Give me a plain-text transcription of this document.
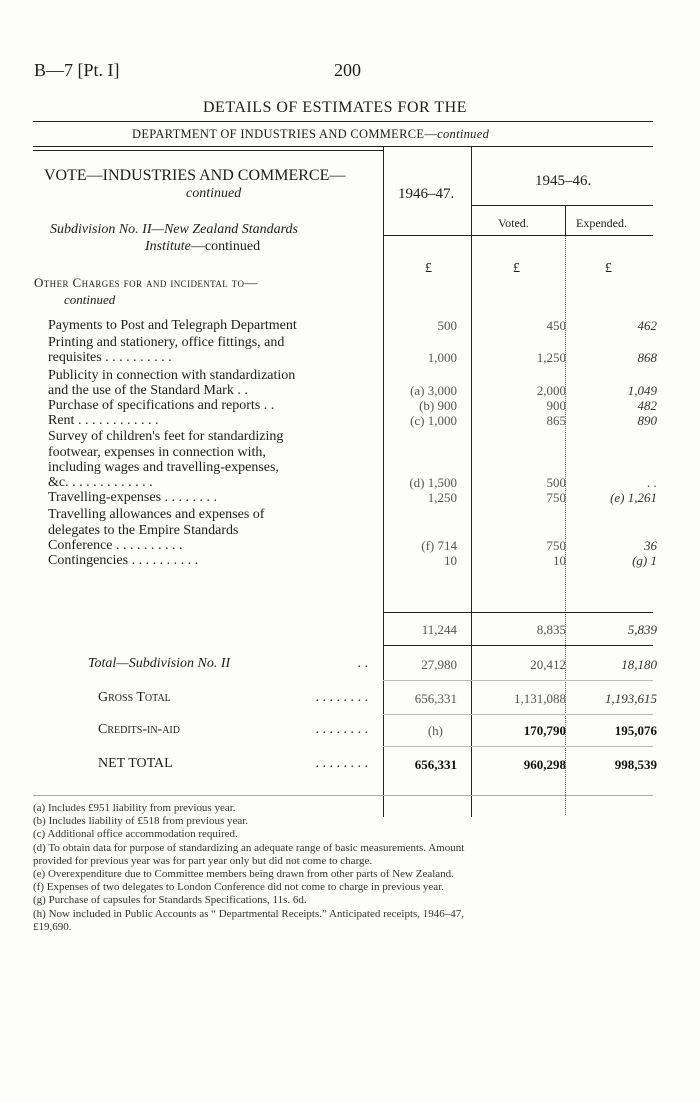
B—7 [Pt. I]	200
DETAILS OF ESTIMATES FOR THE
DEPARTMENT OF INDUSTRIES AND COMMERCE—continued
1946–47.
1945–46.
Voted.	Expended.
£	£	£
VOTE—INDUSTRIES AND COMMERCE—
continued
Subdivision No. II—New Zealand Standards
Institute—continued
Other Charges for and incidental to—
continued
Payments to Post and Telegraph Department	500	450	462
Printing and stationery, office fittings, and
requisites . . . . . . . . . .	1,000	1,250	868
Publicity in connection with standardization
and the use of the Standard Mark . .	(a) 3,000	2,000	1,049
Purchase of specifications and reports . .	(b) 900	900	482
Rent . . . . . . . . . . . .	(c) 1,000	865	890
Survey of children's feet for standardizing
footwear, expenses in connection with,
including wages and travelling-expenses,
&c. . . . . . . . . . . . .	(d) 1,500	500	. .
Travelling-expenses . . . . . . . .	1,250	750	(e) 1,261
Travelling allowances and expenses of
delegates to the Empire Standards
Conference . . . . . . . . . .	(f) 714	750	36
Contingencies . . . . . . . . . .	10	10	(g) 1
11,244	8,835	5,839
Total—Subdivision No. II	. .	27,980	20,412	18,180
Gross Total	. . . . . . . .	656,331	1,131,088	1,193,615
Credits-in-aid	. . . . . . . .	(h)	170,790	195,076
NET TOTAL	. . . . . . . .	656,331	960,298	998,539
(a) Includes £951 liability from previous year.
(b) Includes liability of £518 from previous year.
(c) Additional office accommodation required.
(d) To obtain data for purpose of standardizing an adequate range of basic measurements. Amount
provided for previous year was for part year only but did not come to charge.
(e) Overexpenditure due to Committee members being drawn from other parts of New Zealand.
(f) Expenses of two delegates to London Conference did not come to charge in previous year.
(g) Purchase of capsules for Standards Specifications, 11s. 6d.
(h) Now included in Public Accounts as “ Departmental Receipts.” Anticipated receipts, 1946–47,
£19,690.
